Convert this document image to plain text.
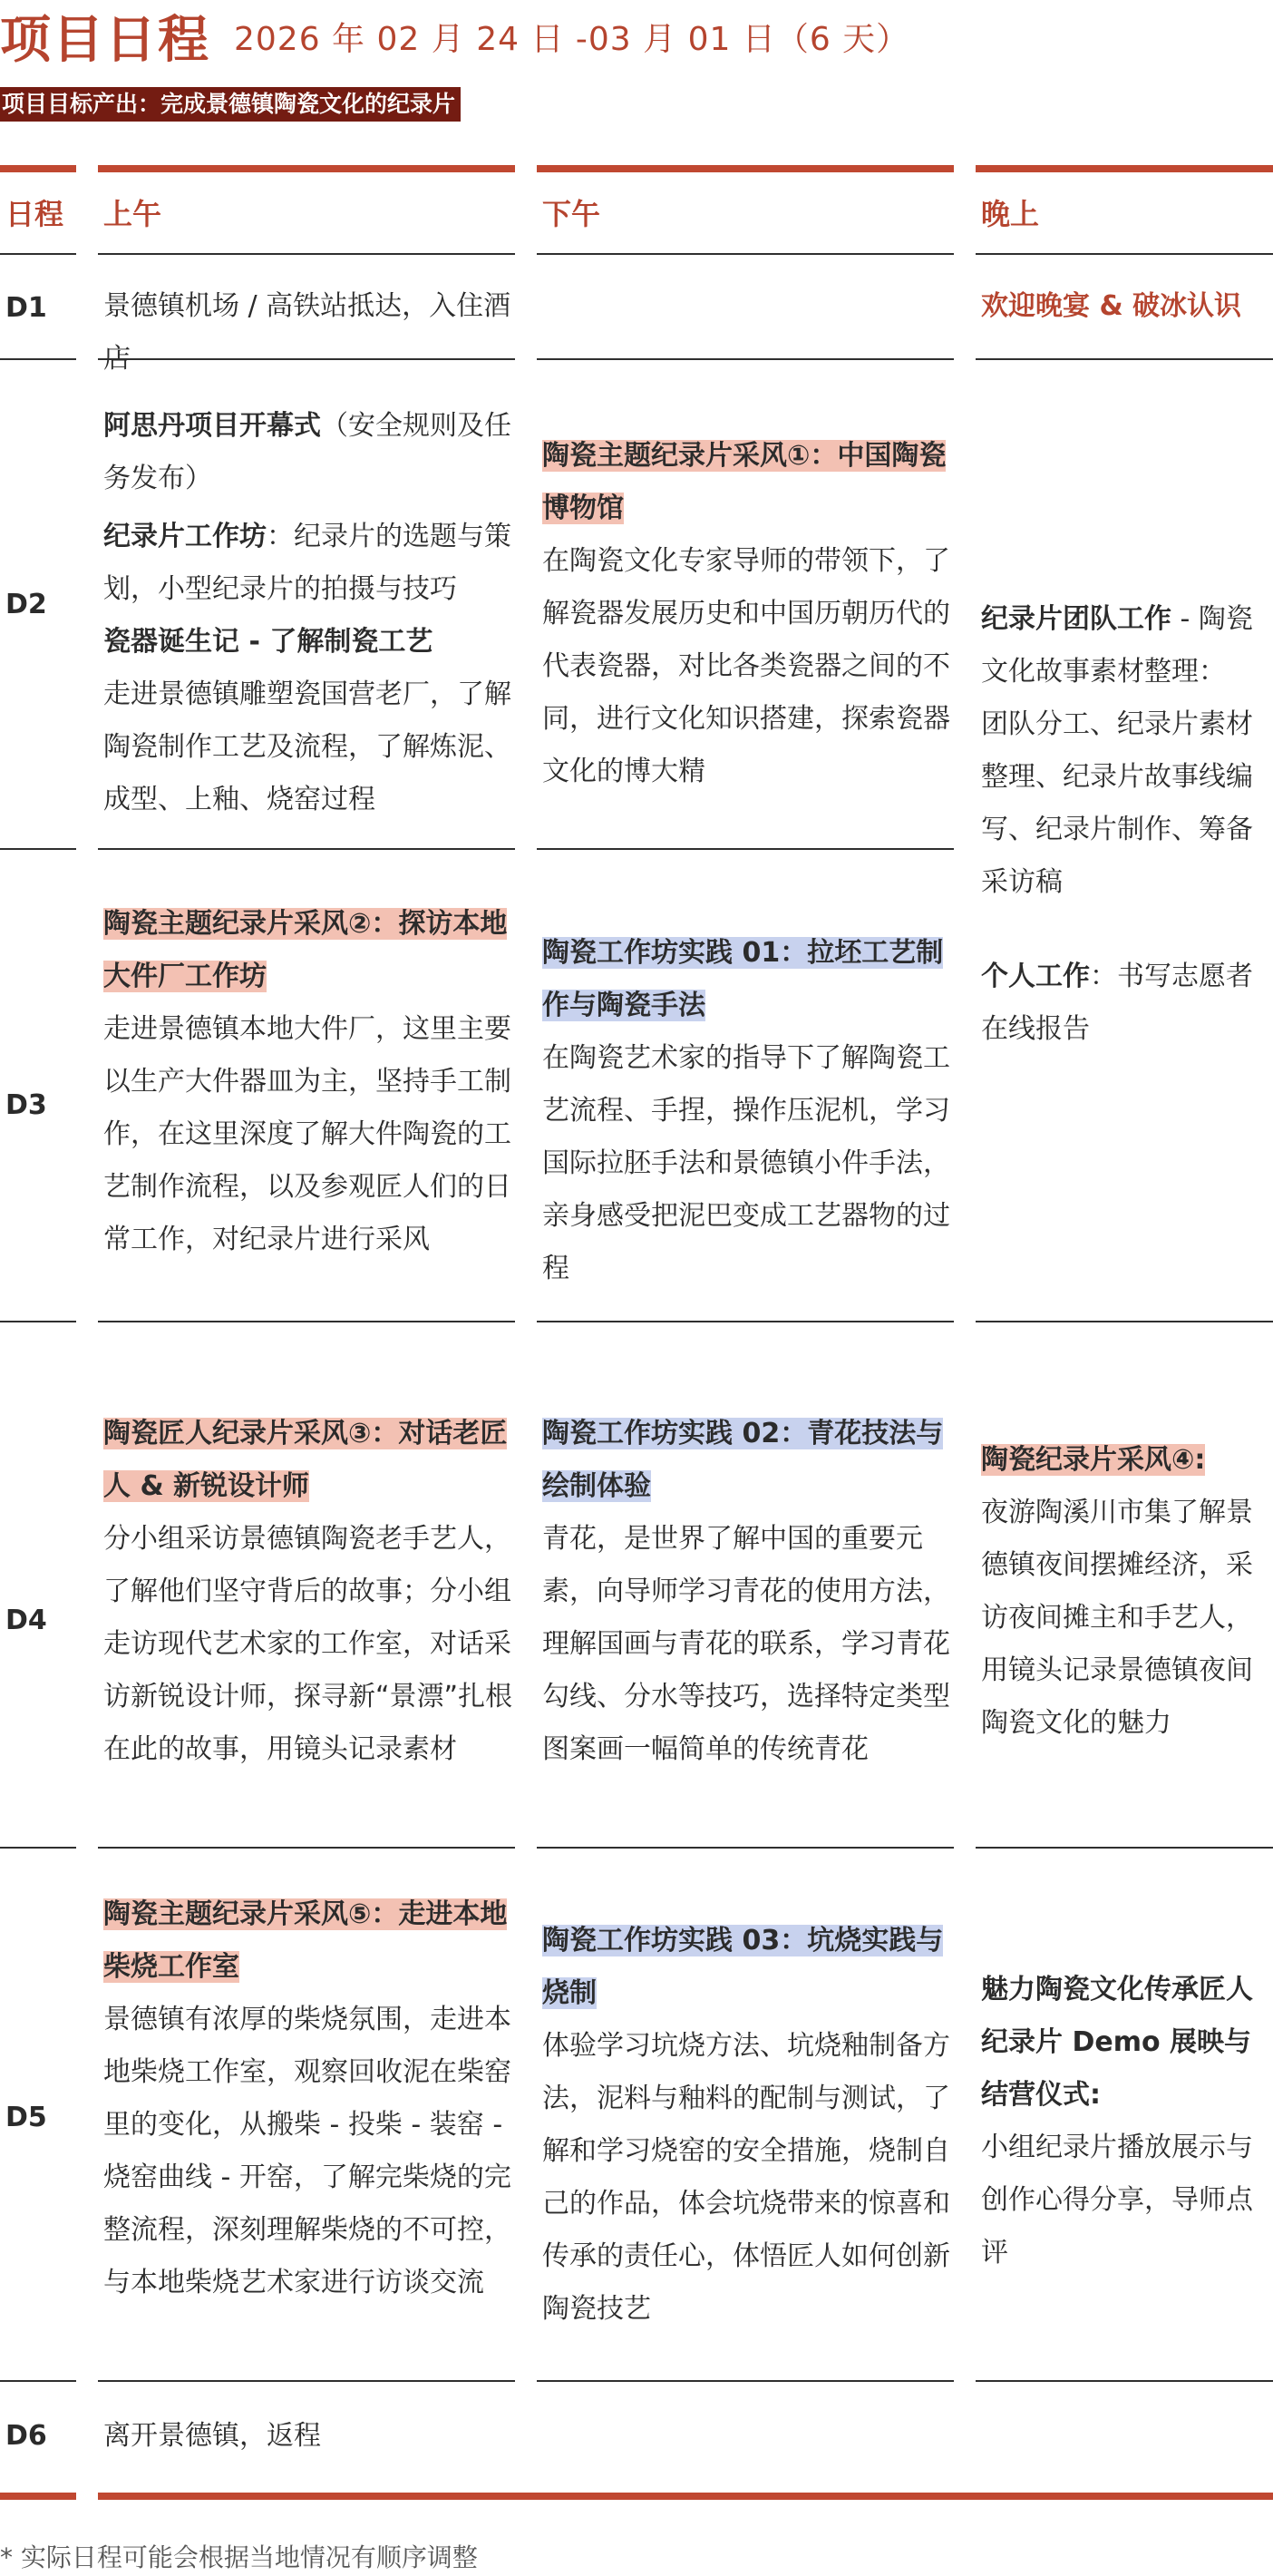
项目日程 2026 年 02 月 24 日 -03 月 01 日（6 天）
项目目标产出：完成景德镇陶瓷文化的纪录片
日程 上午	下午	晚上
D1 景德镇机场 / 高铁站抵达，入住酒店

欢迎晚宴 & 破冰认识

D2

阿思丹项目开幕式（安全规则及任务发布）

纪录片工作坊：纪录片的选题与策划，小型纪录片的拍摄与技巧

瓷器诞生记 - 了解制瓷工艺

走进景德镇雕塑瓷国营老厂，了解陶瓷制作工艺及流程，了解炼泥、成型、上釉、烧窑过程

陶瓷主题纪录片采风①：中国陶瓷博物馆

在陶瓷文化专家导师的带领下，了解瓷器发展历史和中国历朝历代的代表瓷器，对比各类瓷器之间的不同，进行文化知识搭建，探索瓷器文化的博大精

纪录片团队工作 - 陶瓷文化故事素材整理：

团队分工、纪录片素材整理、纪录片故事线编写、纪录片制作、筹备采访稿

个人工作：书写志愿者在线报告

D3

陶瓷主题纪录片采风②：探访本地大件厂工作坊

走进景德镇本地大件厂，这里主要以生产大件器皿为主，坚持手工制作，在这里深度了解大件陶瓷的工艺制作流程，以及参观匠人们的日常工作，对纪录片进行采风

陶瓷工作坊实践 01：拉坯工艺制作与陶瓷手法

在陶瓷艺术家的指导下了解陶瓷工艺流程、手捏，操作压泥机，学习国际拉胚手法和景德镇小件手法，亲身感受把泥巴变成工艺器物的过程

D4

陶瓷匠人纪录片采风③：对话老匠人 & 新锐设计师

分小组采访景德镇陶瓷老手艺人，了解他们坚守背后的故事；分小组走访现代艺术家的工作室，对话采访新锐设计师，探寻新“景漂”扎根在此的故事，用镜头记录素材

陶瓷工作坊实践 02：青花技法与绘制体验

青花，是世界了解中国的重要元素，向导师学习青花的使用方法，理解国画与青花的联系，学习青花勾线、分水等技巧，选择特定类型图案画一幅简单的传统青花

陶瓷纪录片采风④:

夜游陶溪川市集了解景德镇夜间摆摊经济，采访夜间摊主和手艺人，用镜头记录景德镇夜间陶瓷文化的魅力

D5

陶瓷主题纪录片采风⑤：走进本地柴烧工作室

景德镇有浓厚的柴烧氛围，走进本地柴烧工作室，观察回收泥在柴窑里的变化，从搬柴 - 投柴 - 装窑 - 烧窑曲线 - 开窑，了解完柴烧的完整流程，深刻理解柴烧的不可控，与本地柴烧艺术家进行访谈交流

陶瓷工作坊实践 03：坑烧实践与烧制

体验学习坑烧方法、坑烧釉制备方法，泥料与釉料的配制与测试，了解和学习烧窑的安全措施，烧制自己的作品，体会坑烧带来的惊喜和传承的责任心，体悟匠人如何创新陶瓷技艺

魅力陶瓷文化传承匠人纪录片 Demo 展映与结营仪式:

小组纪录片播放展示与创作心得分享，导师点评

D6 离开景德镇，返程

* 实际日程可能会根据当地情况有顺序调整
